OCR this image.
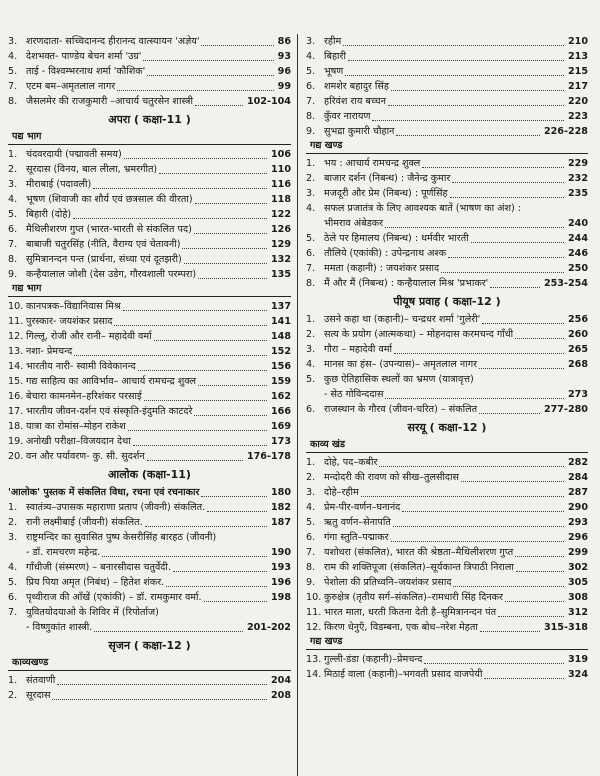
3. शरणदाता- सच्चिदानन्द हीरानन्द वात्स्यायन 'अज्ञेय'	86
4. देशभक्त- पाण्डेय बेचन शर्मा 'उग्र'	93
5. ताई - विश्वम्भरनाथ शर्मा 'कौशिक'	96
7. एटम बम–अमृतलाल नागर	99
8. जैसलमेर की राजकुमारी –आचार्य चतुरसेन शास्त्री	102-104
अपरा ( कक्षा-11 )
पद्य भाग
1. चंदवरदायी (पद्मावती समय)	106
2. सूरदास (विनय, बाल लीला, भ्रमरगीत)	110
3. मीराबाई (पदावली)	116
4. भूषण (शिवाजी का शौर्य एवं छत्रसाल की वीरता)	118
5. बिहारी (दोहे)	122
6. मैथिलीशरण गुप्त (भारत-भारती से संकलित पद)	126
7. बाबाजी चतुरसिंह (नीति, वैराग्य एवं चेतावनी)	129
8. सुमित्रानन्दन पन्त (प्रार्थना, संध्या एवं दूतझरी)	132
9. कन्हैयालाल जोशी (देस उडेग, गौरवशाली परम्परा)	135
गद्य भाग
10. कानपत्रक–विद्यानिवास मिश्र	137
11. पुरस्कार- जयशंकर प्रसाद	141
12. गिल्लू, रोजी और रानी– महादेवी वर्मा	148
13. नशा- प्रेमचन्द	152
14. भारतीय नारी- स्वामी विवेकानन्द	156
15. गद्य साहित्य का आविर्भाव– आचार्य रामचन्द्र शुक्ल	159
16. बेचारा कामनमेन–हरिशंकर परसाई	162
17. भारतीय जीवन-दर्शन एवं संस्कृति-इंदुमति काटदरे	166
18. यात्रा का रोमांस–मोहन राकेश	169
19. अनोखी परीक्षा–विजयदान देथा	173
20. वन और पर्यावरण- कु. सी. सुदर्शन	176-178
आलोक (कक्षा-11)
'आलोक' पुस्तक में संकलित विधा, रचना एवं रचनाकार	180
1. स्वातंत्र्य–उपासक महाराणा प्रताप (जीवनी) संकलित.	182
2. रानी लक्ष्मीबाई (जीवनी) संकलित.	187
3. राष्ट्रमन्दिर का सुवासित पुष्प केसरीसिंह बारहठ (जीवनी)
- डॉ. रामचरण महेन्द्र.	190
4. गाँधीजी (संस्मरण) – बनारसीदास चतुर्वेदी.	193
5. प्रिय पिया अमृत (निबंध) – हितेश शंकर.	196
6. पृथ्वीराज की आँखें (एकांकी) – डॉ. रामकुमार वर्मा.	198
7. युवितयोदयाओ के शिविर में (रिपोर्ताज)
- विष्णुकांत शास्त्री.	201-202
सृजन ( कक्षा-12 )
काव्यखण्ड
1. संतवाणी	204
2. सूरदास	208
3. रहीम	210
4. बिहारी	213
5. भूषण	215
6. शमशेर बहादुर सिंह	217
7. हरिवंश राय बच्चन	220
8. कुँवर नारायण	223
9. सुभद्रा कुमारी चौहान	226-228
गद्य खण्ड
1. भय : आचार्य रामचन्द्र शुक्ल	229
2. बाजार दर्शन (निबन्ध) : जैनेन्द्र कुमार	232
3. मजदूरी और प्रेम (निबन्ध) : पूर्णसिंह	235
4. सफल प्रजातंत्र के लिए आवश्यक बातें (भाषण का अंश) :
भीमराव अंबेडकर	240
5. ठेले पर हिमालय (निबन्ध) : धर्मवीर भारती	244
6. तौलिये (एकांकी) : उपेन्द्रनाथ अश्क	246
7. ममता (कहानी) : जयशंकर प्रसाद	250
8. मैं और मैं (निबन्ध) : कन्हैयालाल मिश्र 'प्रभाकर'	253-254
पीयूष प्रवाह ( कक्षा-12 )
1. उसने कहा था (कहानी)– चन्द्रधर शर्मा 'गुलेरी'	256
2. सत्य के प्रयोग (आत्मकथा) – मोहनदास करमचन्द गाँधी	260
3. गौरा – महादेवी वर्मा	265
4. मानस का हंस– (उपन्यास)– अमृतलाल नागर	268
5. कुछ ऐतिहासिक स्थलों का भ्रमण (यात्रावृत्त)
- सेठ गोविन्ददास	273
6. राजस्थान के गौरव (जीवन-चरित) – संकलित	277-280
सरयू ( कक्षा-12 )
काव्य खंड
1. दोहे, पद–कबीर	282
2. मन्दोदरी की रावण को सीख–तुलसीदास	284
3. दोहे–रहीम	287
4. प्रेम-पीर-वर्णन–घनानंद	290
5. ऋतु वर्णन–सेनापति	293
6. गंगा स्तुति–पद्माकर	296
7. यशोधरा (संकलित), भारत की श्रेष्ठता–मैथिलीशरण गुप्त	299
8. राम की शक्तिपूजा (संकलित)–सूर्यकान्त त्रिपाठी निराला	302
9. पेशोला की प्रतिध्वनि–जयशंकर प्रसाद	305
10. कुरुक्षेत्र (तृतीय सर्ग–संकलित)–रामधारी सिंह दिनकर	308
11. भारत माता, धरती कितना देती है–सुमित्रानन्दन पंत	312
12. किरण धेनुएँ, विडम्बना, एक बोध–नरेश मेहता	315-318
गद्य खण्ड
13. गुल्ली-डंडा (कहानी)–प्रेमचन्द	319
14. मिठाई वाला (कहानी)–भगवती प्रसाद वाजपेयी	324
